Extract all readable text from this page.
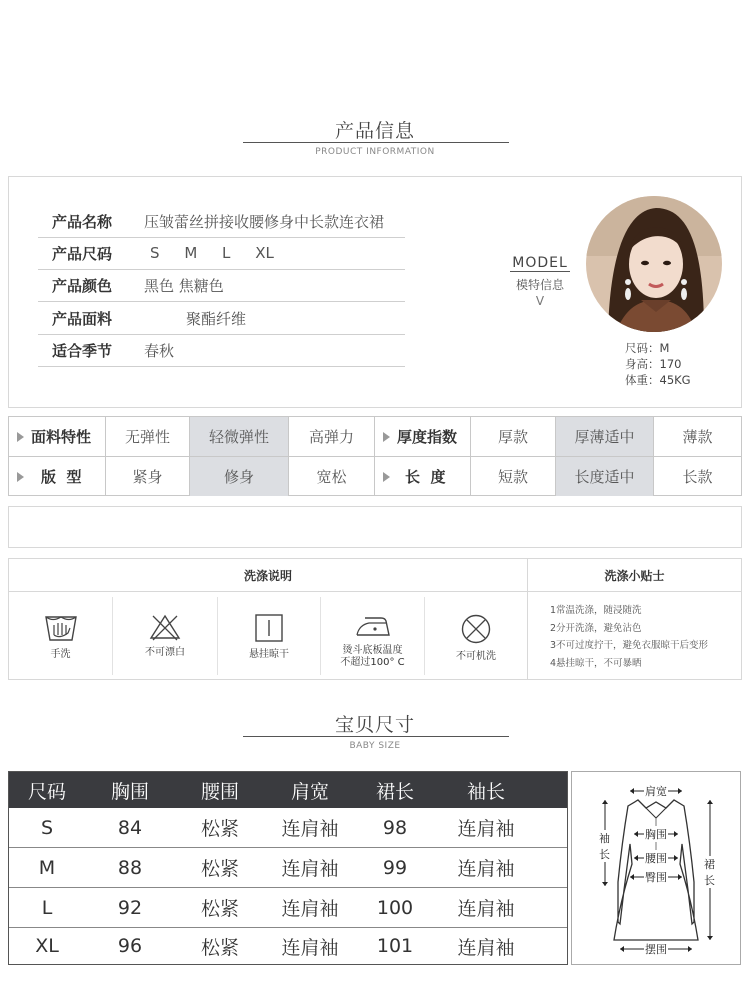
产品信息
PRODUCT INFORMATION
产品名称	压皱蕾丝拼接收腰修身中长款连衣裙
产品尺码	S M L XL
产品颜色	黑色 焦糖色
产品面料	聚酯纤维
适合季节	春秋
MODEL
模特信息
V
尺码：M
身高：170
体重：45KG
面料特性	无弹性	轻微弹性	高弹力	厚度指数	厚款	厚薄适中	薄款
版  型	紧身	修身	宽松	长  度	短款	长度适中	长款
洗涤说明	洗涤小贴士
手洗	不可漂白	悬挂晾干	烫斗底板温度
不超过100° C
不可机洗
1常温洗涤，随浸随洗
2分开洗涤，避免沾色
3不可过度拧干，避免衣服晾干后变形
4悬挂晾干，不可暴晒
宝贝尺寸
BABY SIZE
尺码	胸围	腰围	肩宽	裙长	袖长
S	84	松紧	连肩袖	98	连肩袖
M	88	松紧	连肩袖	99	连肩袖
L	92	松紧	连肩袖	100	连肩袖
XL	96	松紧	连肩袖	101	连肩袖
肩宽
袖
长
胸围
腰围
臀围
裙
长
摆围
